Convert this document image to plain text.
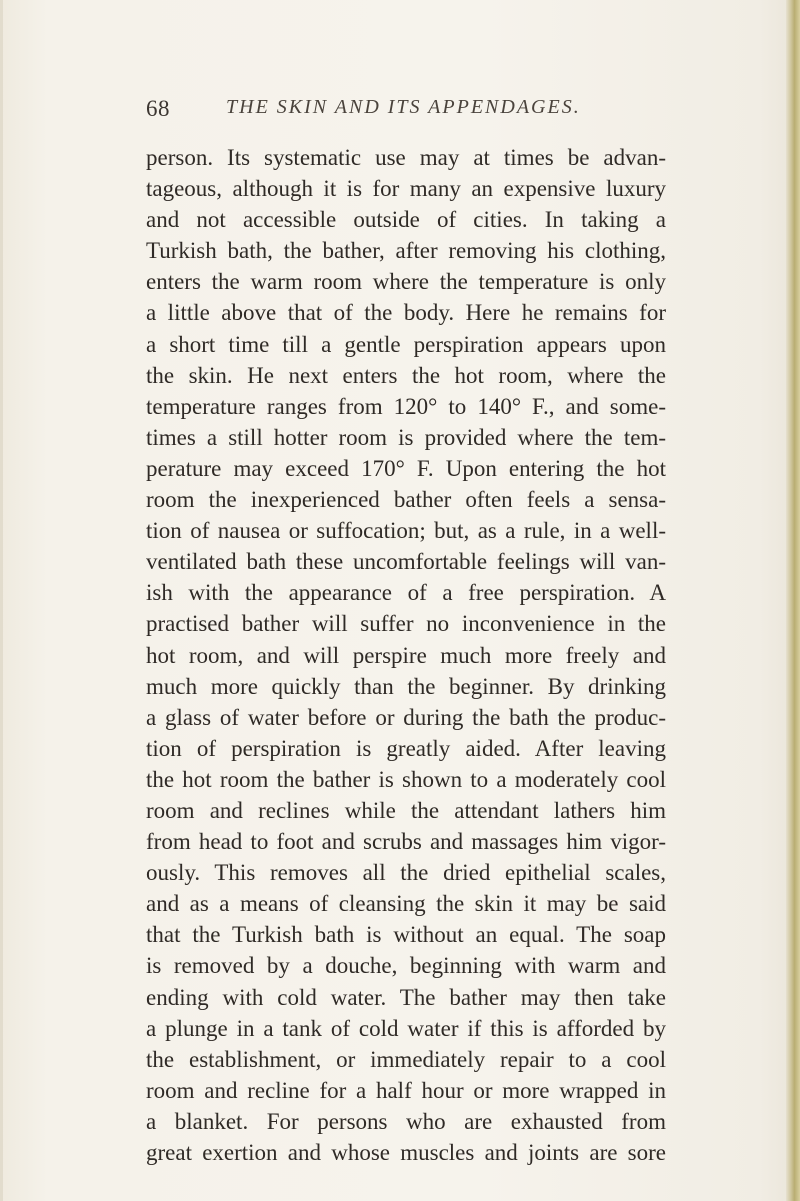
68	THE SKIN AND ITS APPENDAGES.
person. Its systematic use may at times be advan-
tageous, although it is for many an expensive luxury
and not accessible outside of cities. In taking a
Turkish bath, the bather, after removing his clothing,
enters the warm room where the temperature is only
a little above that of the body. Here he remains for
a short time till a gentle perspiration appears upon
the skin. He next enters the hot room, where the
temperature ranges from 120° to 140° F., and some-
times a still hotter room is provided where the tem-
perature may exceed 170° F. Upon entering the hot
room the inexperienced bather often feels a sensa-
tion of nausea or suffocation; but, as a rule, in a well-
ventilated bath these uncomfortable feelings will van-
ish with the appearance of a free perspiration. A
practised bather will suffer no inconvenience in the
hot room, and will perspire much more freely and
much more quickly than the beginner. By drinking
a glass of water before or during the bath the produc-
tion of perspiration is greatly aided. After leaving
the hot room the bather is shown to a moderately cool
room and reclines while the attendant lathers him
from head to foot and scrubs and massages him vigor-
ously. This removes all the dried epithelial scales,
and as a means of cleansing the skin it may be said
that the Turkish bath is without an equal. The soap
is removed by a douche, beginning with warm and
ending with cold water. The bather may then take
a plunge in a tank of cold water if this is afforded by
the establishment, or immediately repair to a cool
room and recline for a half hour or more wrapped in
a blanket. For persons who are exhausted from
great exertion and whose muscles and joints are sore
